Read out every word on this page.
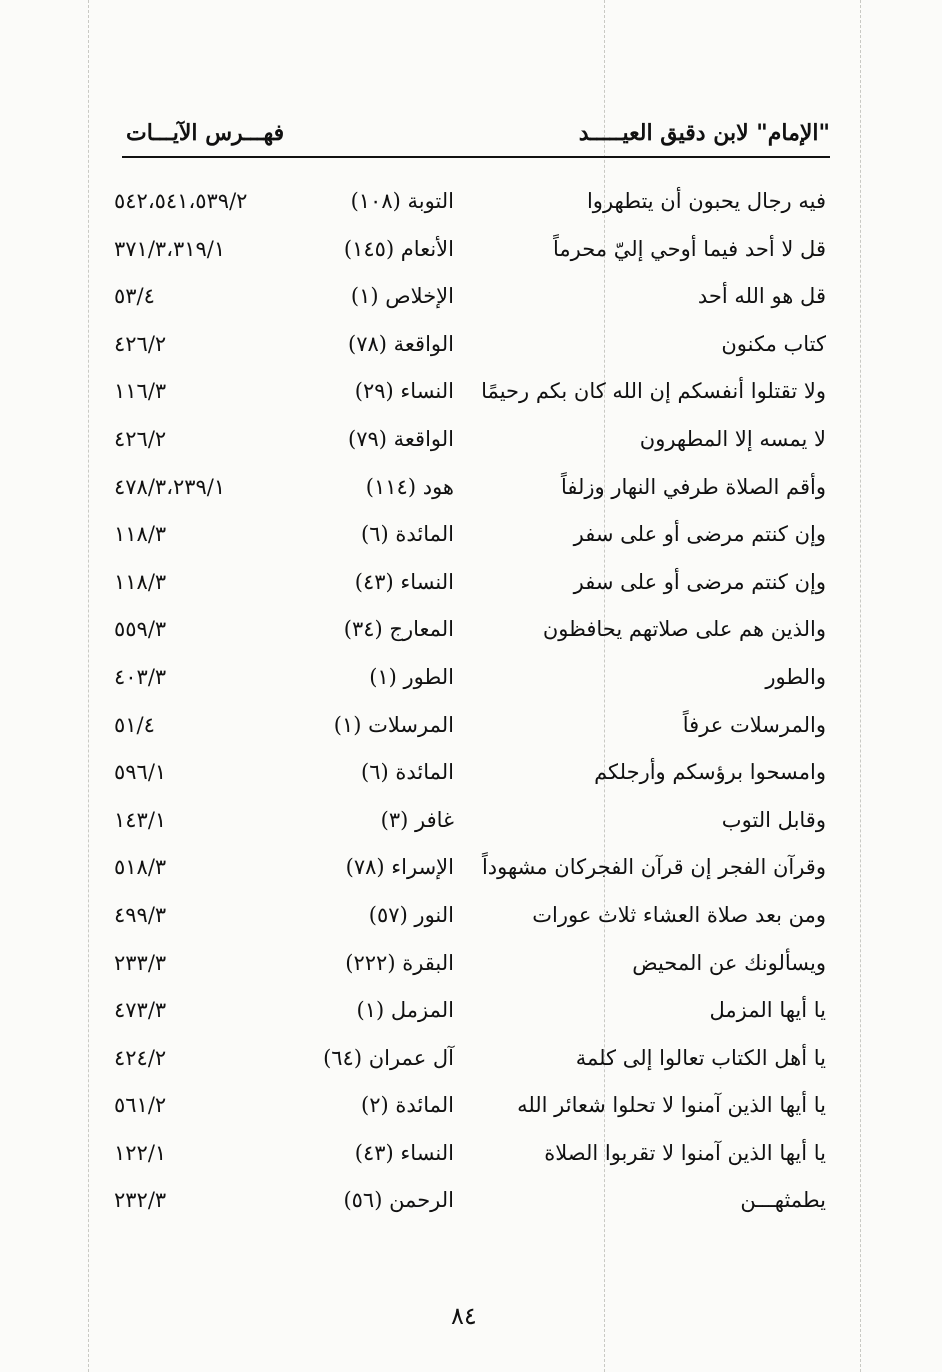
"الإمام" لابن دقيق العيـــــد
فهـــرس الآيـــات
فيه رجال يحبون أن يتطهروا
التوبة (١٠٨)
٥٤٢،٥٤١،٥٣٩/٢
قل لا أحد فيما أوحي إليّ محرماً
الأنعام (١٤٥)
٣٧١/٣،٣١٩/١
قل هو الله أحد
الإخلاص (١)
٥٣/٤
كتاب مكنون
الواقعة (٧٨)
٤٢٦/٢
ولا تقتلوا أنفسكم إن الله كان بكم رحيمًا
النساء (٢٩)
١١٦/٣
لا يمسه إلا المطهرون
الواقعة (٧٩)
٤٢٦/٢
وأقم الصلاة طرفي النهار وزلفاً
هود (١١٤)
٤٧٨/٣،٢٣٩/١
وإن كنتم مرضى أو على سفر
المائدة (٦)
١١٨/٣
وإن كنتم مرضى أو على سفر
النساء (٤٣)
١١٨/٣
والذين هم على صلاتهم يحافظون
المعارج (٣٤)
٥٥٩/٣
والطور
الطور (١)
٤٠٣/٣
والمرسلات عرفاً
المرسلات (١)
٥١/٤
وامسحوا برؤسكم وأرجلكم
المائدة (٦)
٥٩٦/١
وقابل التوب
غافر (٣)
١٤٣/١
وقرآن الفجر إن قرآن الفجركان مشهوداً
الإسراء (٧٨)
٥١٨/٣
ومن بعد صلاة العشاء ثلاث عورات
النور (٥٧)
٤٩٩/٣
ويسألونك عن المحيض
البقرة (٢٢٢)
٢٣٣/٣
يا أيها المزمل
المزمل (١)
٤٧٣/٣
يا أهل الكتاب تعالوا إلى كلمة
آل عمران (٦٤)
٤٢٤/٢
يا أيها الذين آمنوا لا تحلوا شعائر الله
المائدة (٢)
٥٦١/٢
يا أيها الذين آمنوا لا تقربوا الصلاة
النساء (٤٣)
١٢٢/١
يطمثهـــن
الرحمن (٥٦)
٢٣٢/٣
٨٤
